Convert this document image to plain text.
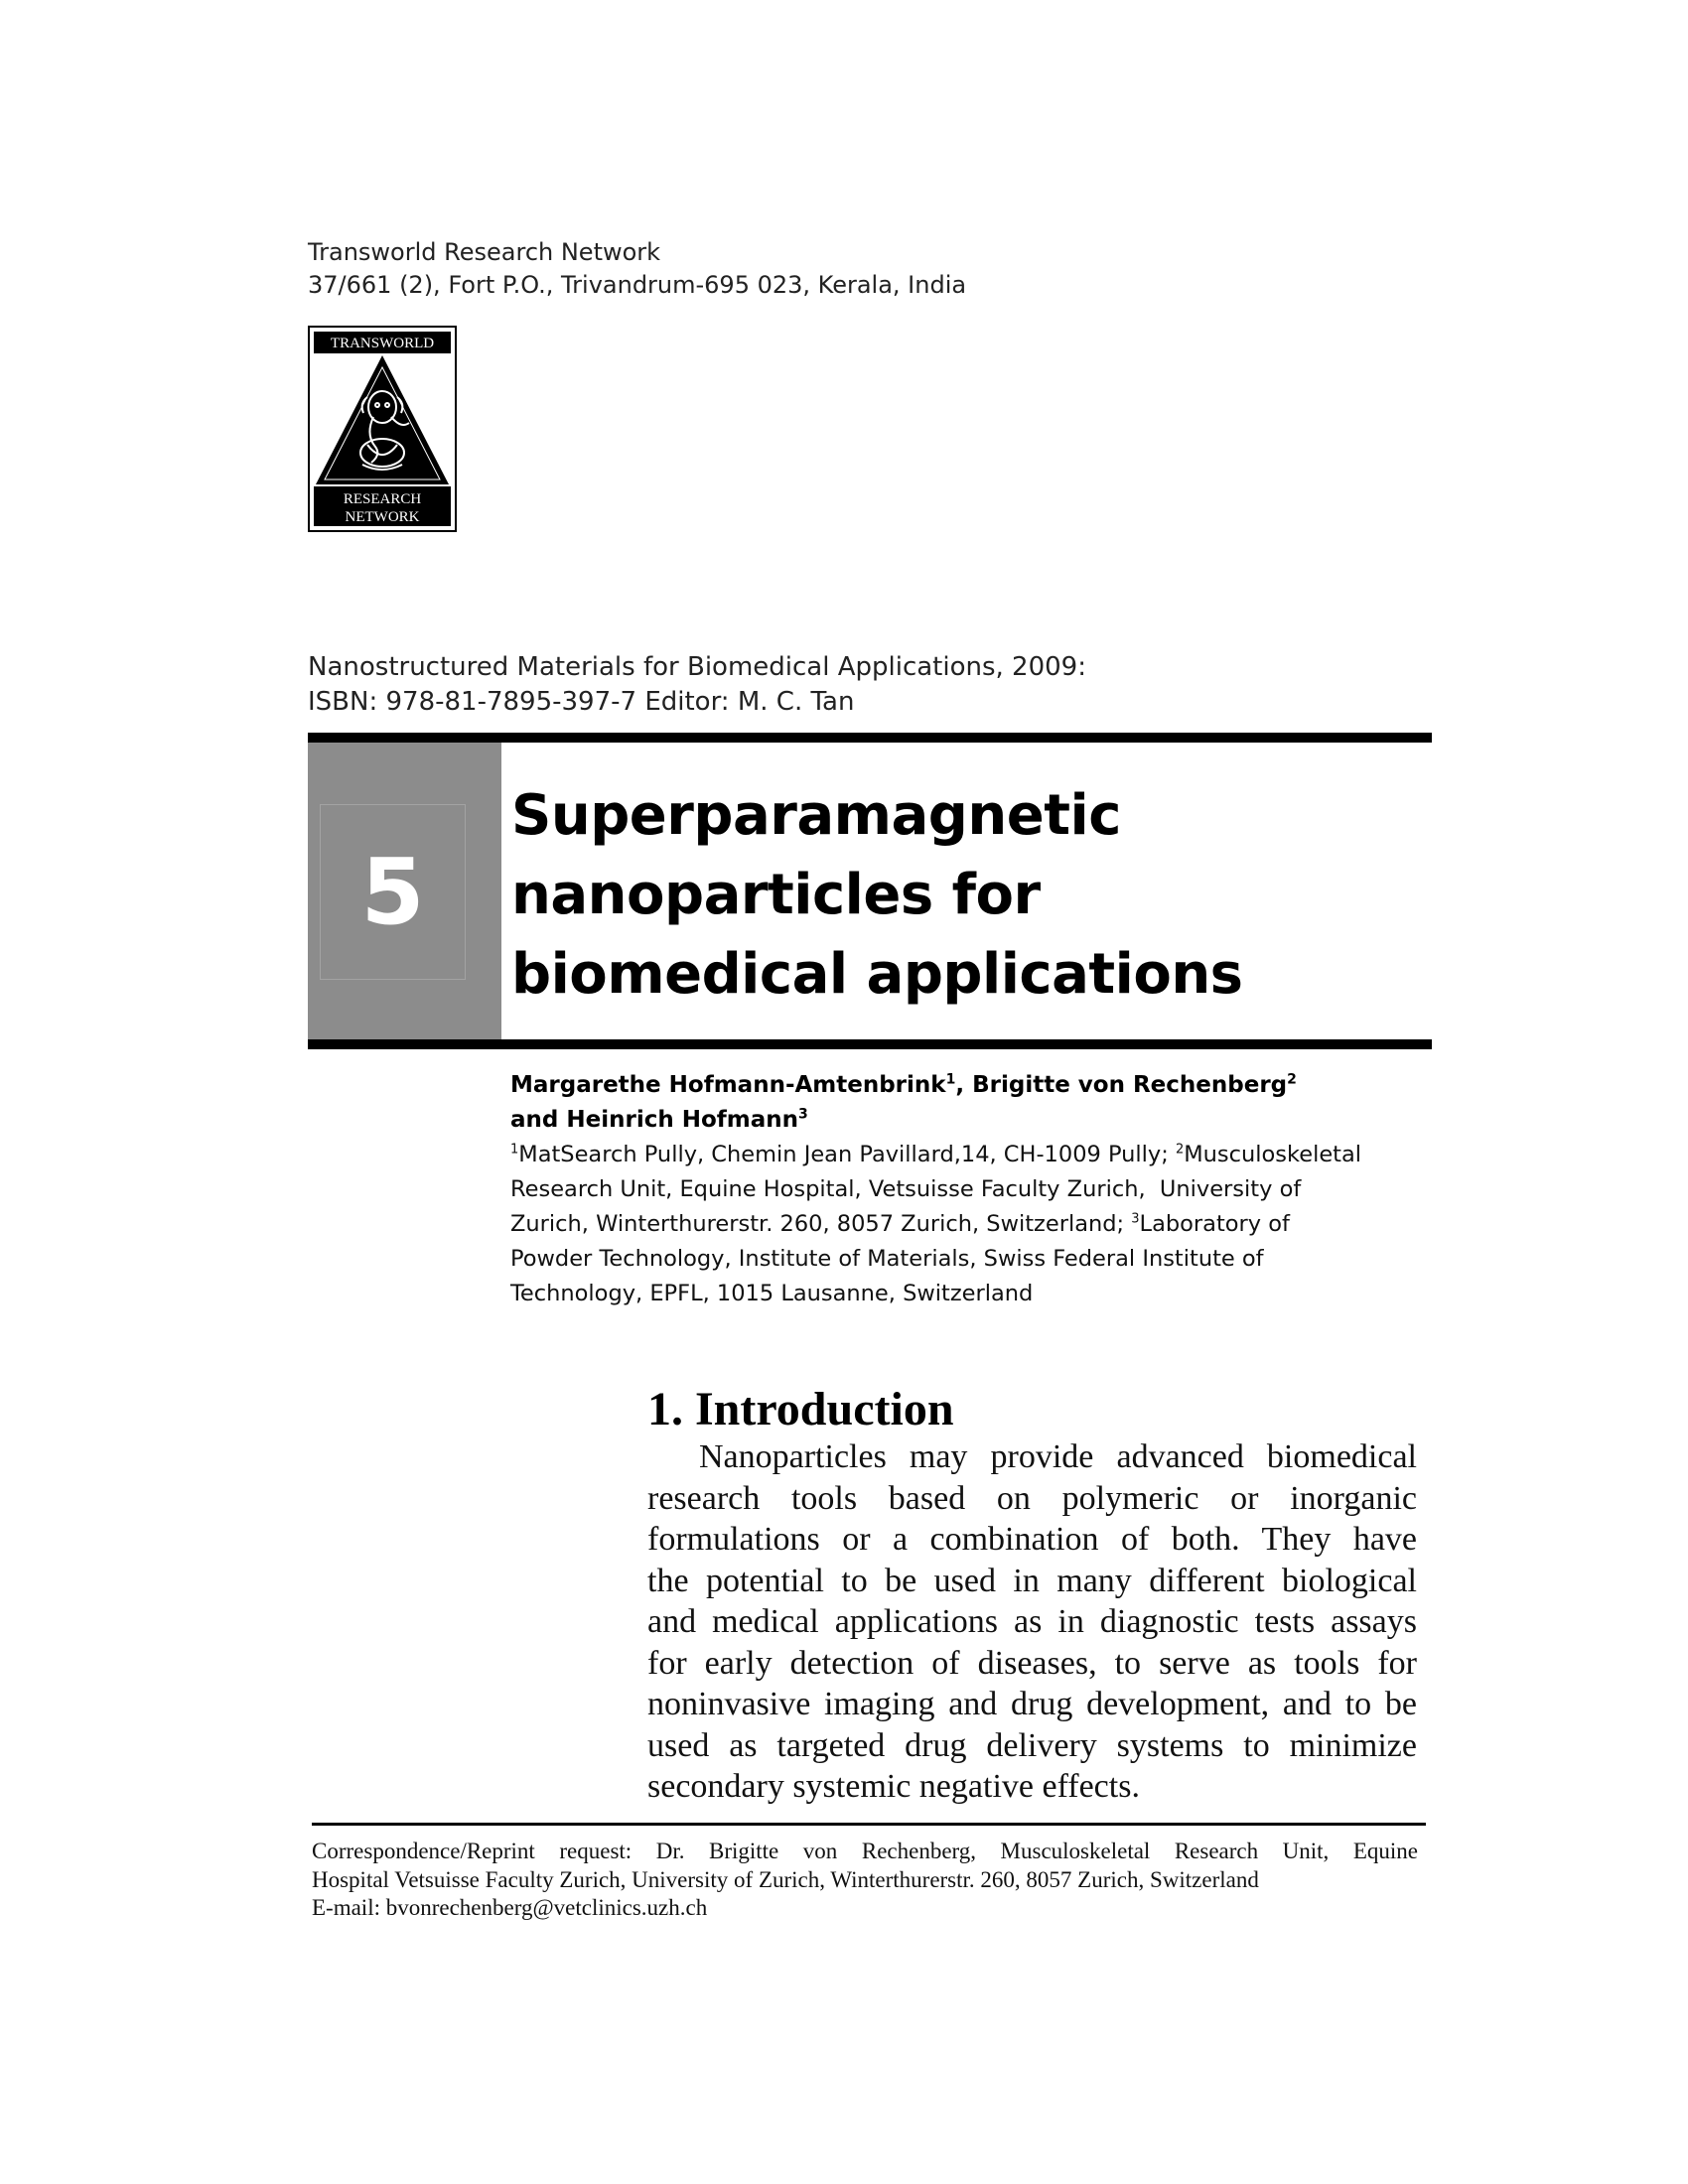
Transworld Research Network
37/661 (2), Fort P.O., Trivandrum-695 023, Kerala, India
TRANSWORLD
RESEARCH
NETWORK
Nanostructured Materials for Biomedical Applications, 2009:
ISBN: 978-81-7895-397-7 Editor: M. C. Tan
5
Superparamagnetic
nanoparticles for
biomedical applications
Margarethe Hofmann-Amtenbrink$^1$, Brigitte von Rechenberg$^2$
and Heinrich Hofmann$^3$
$^1$MatSearch Pully, Chemin Jean Pavillard,14, CH-1009 Pully; $^2$Musculoskeletal
Research Unit, Equine Hospital, Vetsuisse Faculty Zurich,  University of
Zurich, Winterthurerstr. 260, 8057 Zurich, Switzerland; $^3$Laboratory of
Powder Technology, Institute of Materials, Swiss Federal Institute of
Technology, EPFL, 1015 Lausanne, Switzerland
1. Introduction
Nanoparticles may provide advanced biomedical
research tools based on polymeric or inorganic
formulations or a combination of both. They have
the potential to be used in many different biological
and medical applications as in diagnostic tests assays
for early detection of diseases, to serve as tools for
noninvasive imaging and drug development, and to be
used as targeted drug delivery systems to minimize
secondary systemic negative effects.
Correspondence/Reprint request: Dr. Brigitte von Rechenberg, Musculoskeletal Research Unit, Equine
Hospital Vetsuisse Faculty Zurich, University of Zurich, Winterthurerstr. 260, 8057 Zurich, Switzerland
E-mail: bvonrechenberg@vetclinics.uzh.ch
